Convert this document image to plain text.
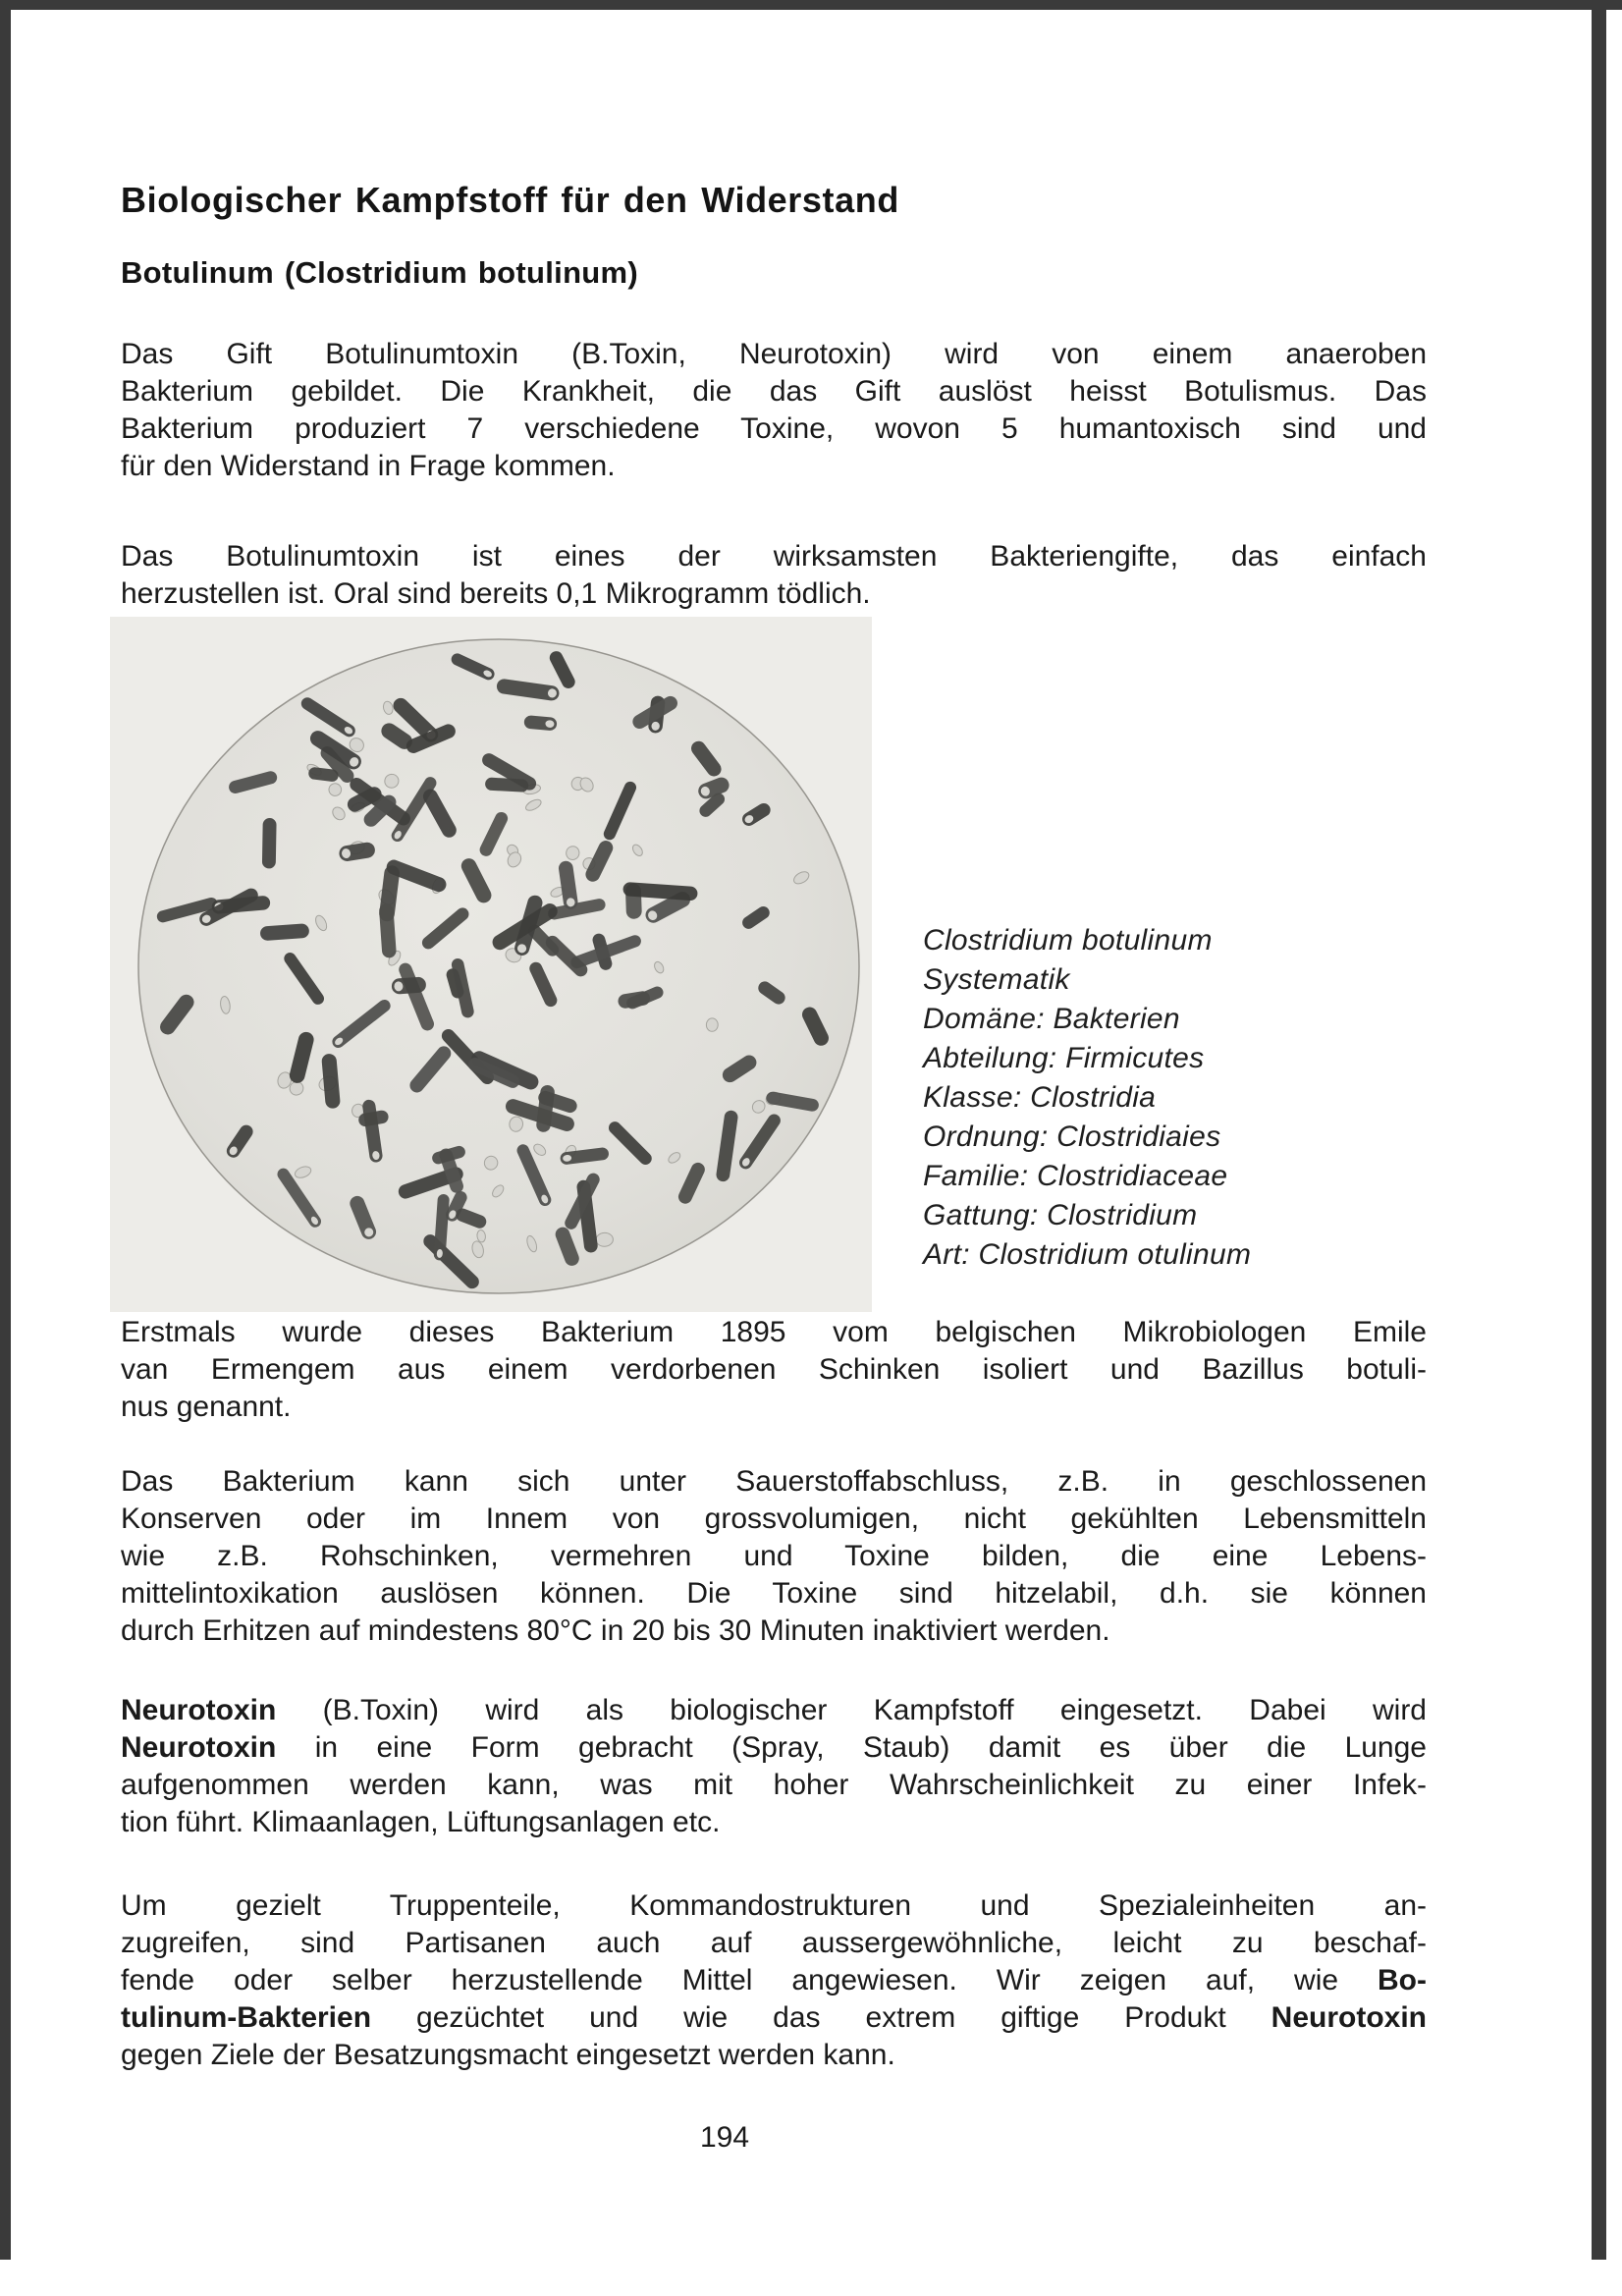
Biologischer Kampfstoff für den Widerstand
Botulinum (Clostridium botulinum)
Das Gift Botulinumtoxin (B.Toxin, Neurotoxin) wird von einem anaeroben
Bakterium gebildet. Die Krankheit, die das Gift auslöst heisst Botulismus. Das
Bakterium produziert 7 verschiedene Toxine, wovon 5 humantoxisch sind und
für den Widerstand in Frage kommen.
Das Botulinumtoxin ist eines der wirksamsten Bakteriengifte, das einfach
herzustellen ist. Oral sind bereits 0,1 Mikrogramm tödlich.
Clostridium botulinum
Systematik
Domäne: Bakterien
Abteilung: Firmicutes
Klasse: Clostridia
Ordnung: Clostridiaies
Familie: Clostridiaceae
Gattung: Clostridium
Art: Clostridium otulinum
Erstmals wurde dieses Bakterium 1895 vom belgischen Mikrobiologen Emile
van Ermengem aus einem verdorbenen Schinken isoliert und Bazillus botuli-
nus genannt.
Das Bakterium kann sich unter Sauerstoffabschluss, z.B. in geschlossenen
Konserven oder im Innem von grossvolumigen, nicht gekühlten Lebensmitteln
wie z.B. Rohschinken, vermehren und Toxine bilden, die eine Lebens-
mittelintoxikation auslösen können. Die Toxine sind hitzelabil, d.h. sie können
durch Erhitzen auf mindestens 80°C in 20 bis 30 Minuten inaktiviert werden.
Neurotoxin (B.Toxin) wird als biologischer Kampfstoff eingesetzt. Dabei wird
Neurotoxin in eine Form gebracht (Spray, Staub) damit es über die Lunge
aufgenommen werden kann, was mit hoher Wahrscheinlichkeit zu einer Infek-
tion führt. Klimaanlagen, Lüftungsanlagen etc.
Um gezielt Truppenteile, Kommandostrukturen und Spezialeinheiten an-
zugreifen, sind Partisanen auch auf aussergewöhnliche, leicht zu beschaf-
fende oder selber herzustellende Mittel angewiesen. Wir zeigen auf, wie Bo-
tulinum-Bakterien gezüchtet und wie das extrem giftige Produkt Neurotoxin
gegen Ziele der Besatzungsmacht eingesetzt werden kann.
194
